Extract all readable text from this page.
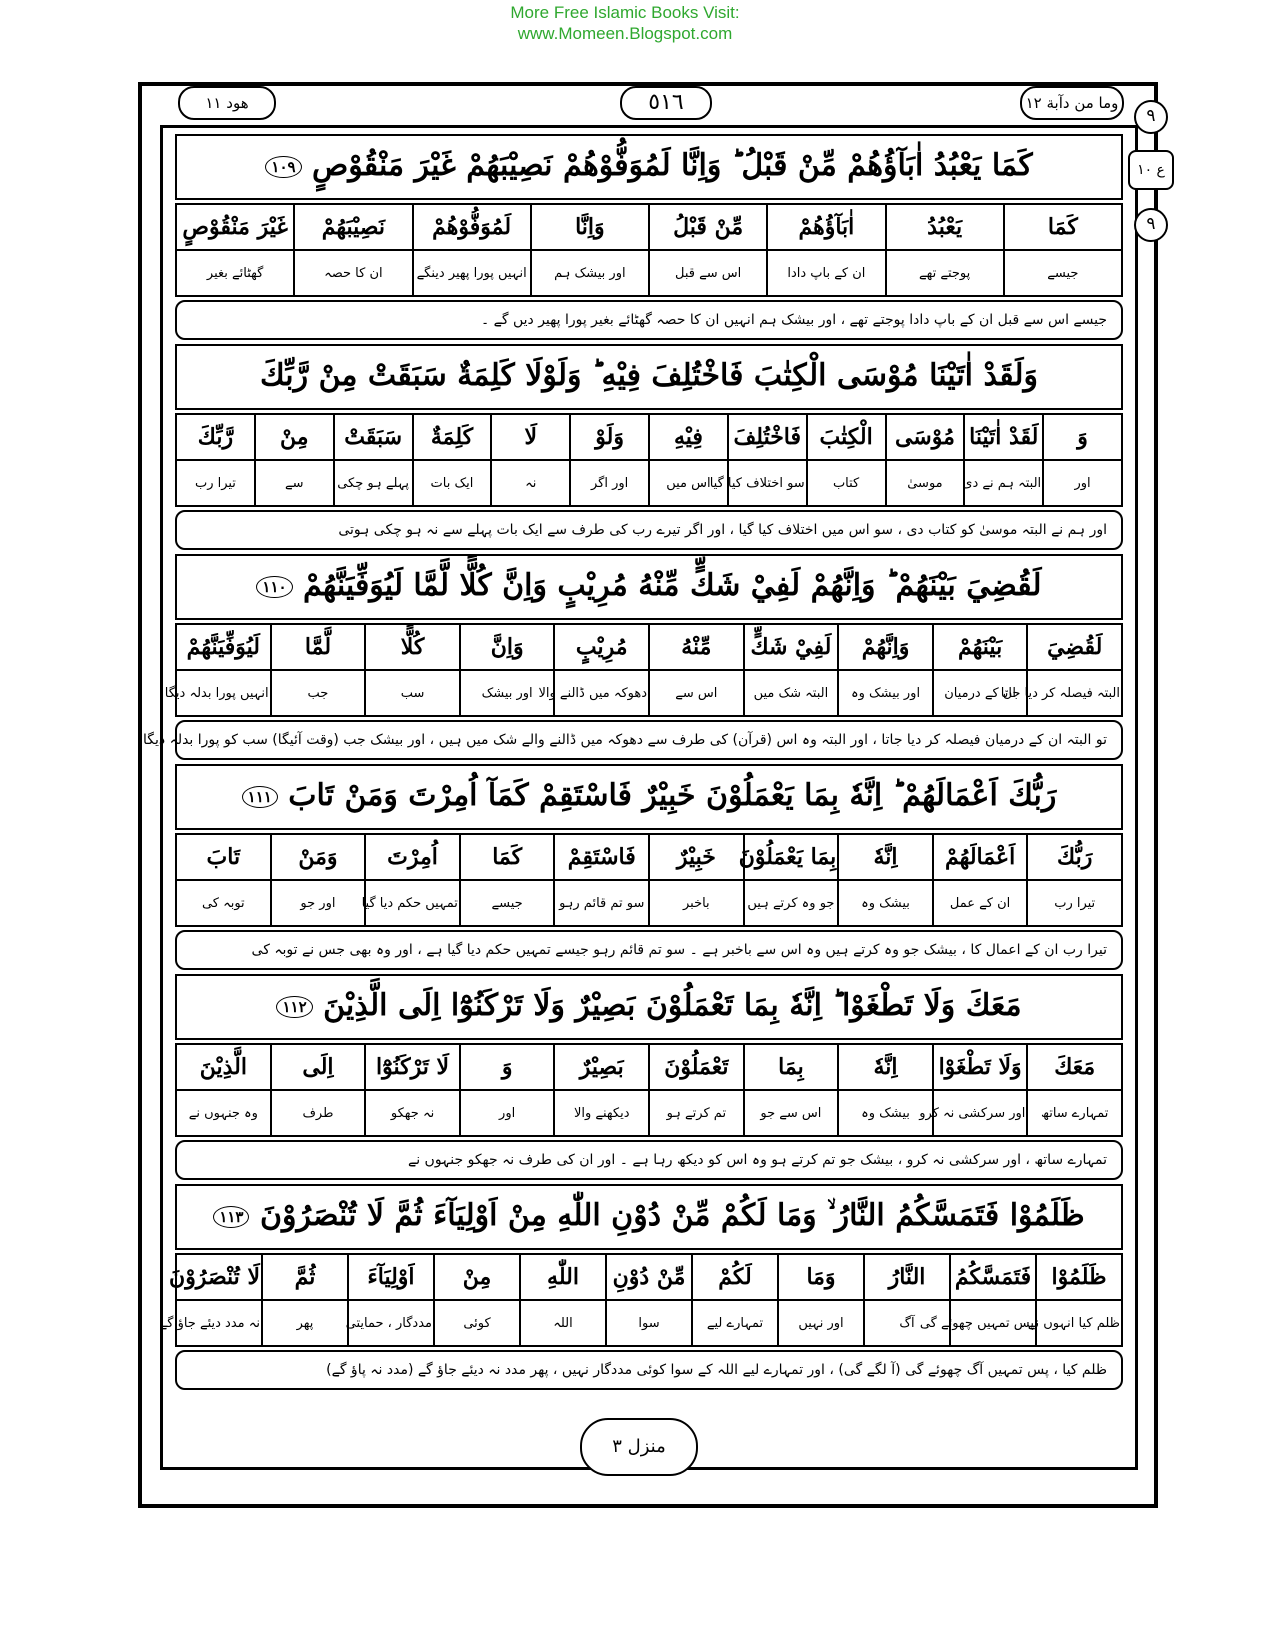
More Free Islamic Books Visit:
www.Momeen.Blogspot.com
هود ١١	٥١٦	وما من دآبة ١٢
٩
ع ١٠
٩
كَمَا يَعْبُدُ اٰبَآؤُهُمْ مِّنْ قَبْلُ ؕ وَاِنَّا لَمُوَفُّوْهُمْ نَصِيْبَهُمْ غَيْرَ مَنْقُوْصٍ ١٠٩
كَمَا	يَعْبُدُ	اٰبَآؤُهُمْ	مِّنْ قَبْلُ	وَاِنَّا	لَمُوَفُّوْهُمْ	نَصِيْبَهُمْ	غَيْرَ مَنْقُوْصٍ
جیسے	پوجتے تھے	ان کے باپ دادا	اس سے قبل	اور بیشک ہم	انہیں پورا پھیر دینگے	ان کا حصہ	گھٹائے بغیر
جیسے اس سے قبل ان کے باپ دادا پوجتے تھے ، اور بیشک ہم انہیں ان کا حصہ گھٹائے بغیر پورا پھیر دیں گے ۔
وَلَقَدْ اٰتَيْنَا مُوْسَى الْكِتٰبَ فَاخْتُلِفَ فِيْهِ ؕ وَلَوْلَا كَلِمَةٌ سَبَقَتْ مِنْ رَّبِّكَ
وَ	لَقَدْ اٰتَيْنَا	مُوْسَى	الْكِتٰبَ	فَاخْتُلِفَ	فِيْهِ	وَلَوْ	لَا	كَلِمَةٌ	سَبَقَتْ	مِنْ	رَّبِّكَ
اور	البتہ ہم نے دی	موسیٰ	کتاب	سو اختلاف کیا گیا	اس میں	اور اگر	نہ	ایک بات	پہلے ہو چکی	سے	تیرا رب
اور ہم نے البتہ موسیٰ کو کتاب دی ، سو اس میں اختلاف کیا گیا ، اور اگر تیرے رب کی طرف سے ایک بات پہلے سے نہ ہو چکی ہوتی
لَقُضِيَ بَيْنَهُمْ ؕ وَاِنَّهُمْ لَفِيْ شَكٍّ مِّنْهُ مُرِيْبٍ وَاِنَّ كُلًّا لَّمَّا لَيُوَفِّيَنَّهُمْ ١١٠
لَقُضِيَ	بَيْنَهُمْ	وَاِنَّهُمْ	لَفِيْ شَكٍّ	مِّنْهُ	مُرِيْبٍ	وَاِنَّ	كُلًّا	لَّمَّا	لَيُوَفِّيَنَّهُمْ
البتہ فیصلہ کر دیا جاتا	ان کے درمیان	اور بیشک وہ	البتہ شک میں	اس سے	دھوکہ میں ڈالنے والا	اور بیشک	سب	جب	انہیں پورا بدلہ دیگا
تو البتہ ان کے درمیان فیصلہ کر دیا جاتا ، اور البتہ وہ اس (قرآن) کی طرف سے دھوکہ میں ڈالنے والے شک میں ہیں ، اور بیشک جب (وقت آئیگا) سب کو پورا بدلہ دیگا
رَبُّكَ اَعْمَالَهُمْ ؕ اِنَّهٗ بِمَا يَعْمَلُوْنَ خَبِيْرٌ فَاسْتَقِمْ كَمَآ اُمِرْتَ وَمَنْ تَابَ ١١١
رَبُّكَ	اَعْمَالَهُمْ	اِنَّهٗ	بِمَا يَعْمَلُوْنَ	خَبِيْرٌ	فَاسْتَقِمْ	كَمَا	اُمِرْتَ	وَمَنْ	تَابَ
تیرا رب	ان کے عمل	بیشک وہ	جو وہ کرتے ہیں	باخبر	سو تم قائم رہو	جیسے	تمہیں حکم دیا گیا	اور جو	توبہ کی
تیرا رب ان کے اعمال کا ، بیشک جو وہ کرتے ہیں وہ اس سے باخبر ہے ۔ سو تم قائم رہو جیسے تمہیں حکم دیا گیا ہے ، اور وہ بھی جس نے توبہ کی
مَعَكَ وَلَا تَطْغَوْا ؕ اِنَّهٗ بِمَا تَعْمَلُوْنَ بَصِيْرٌ وَلَا تَرْكَنُوْٓا اِلَى الَّذِيْنَ ١١٢
مَعَكَ	وَلَا تَطْغَوْا	اِنَّهٗ	بِمَا	تَعْمَلُوْنَ	بَصِيْرٌ	وَ	لَا تَرْكَنُوْٓا	اِلَى	الَّذِيْنَ
تمہارے ساتھ	اور سرکشی نہ کرو	بیشک وہ	اس سے جو	تم کرتے ہو	دیکھنے والا	اور	نہ جھکو	طرف	وہ جنہوں نے
تمہارے ساتھ ، اور سرکشی نہ کرو ، بیشک جو تم کرتے ہو وہ اس کو دیکھ رہا ہے ۔ اور ان کی طرف نہ جھکو جنہوں نے
ظَلَمُوْا فَتَمَسَّكُمُ النَّارُ ۙ وَمَا لَكُمْ مِّنْ دُوْنِ اللّٰهِ مِنْ اَوْلِيَآءَ ثُمَّ لَا تُنْصَرُوْنَ ١١٣
ظَلَمُوْا	فَتَمَسَّكُمُ	النَّارُ	وَمَا	لَكُمْ	مِّنْ دُوْنِ	اللّٰهِ	مِنْ	اَوْلِيَآءَ	ثُمَّ	لَا تُنْصَرُوْنَ
ظلم کیا انہوں نے	پس تمہیں چھوئے گی	آگ	اور نہیں	تمہارے لیے	سوا	اللہ	کوئی	مددگار ، حمایتی	پھر	نہ مدد دیئے جاؤ گے
ظلم کیا ، پس تمہیں آگ چھوئے گی (آ لگے گی) ، اور تمہارے لیے اللہ کے سوا کوئی مددگار نہیں ، پھر مدد نہ دیئے جاؤ گے (مدد نہ پاؤ گے)
منزل ٣
